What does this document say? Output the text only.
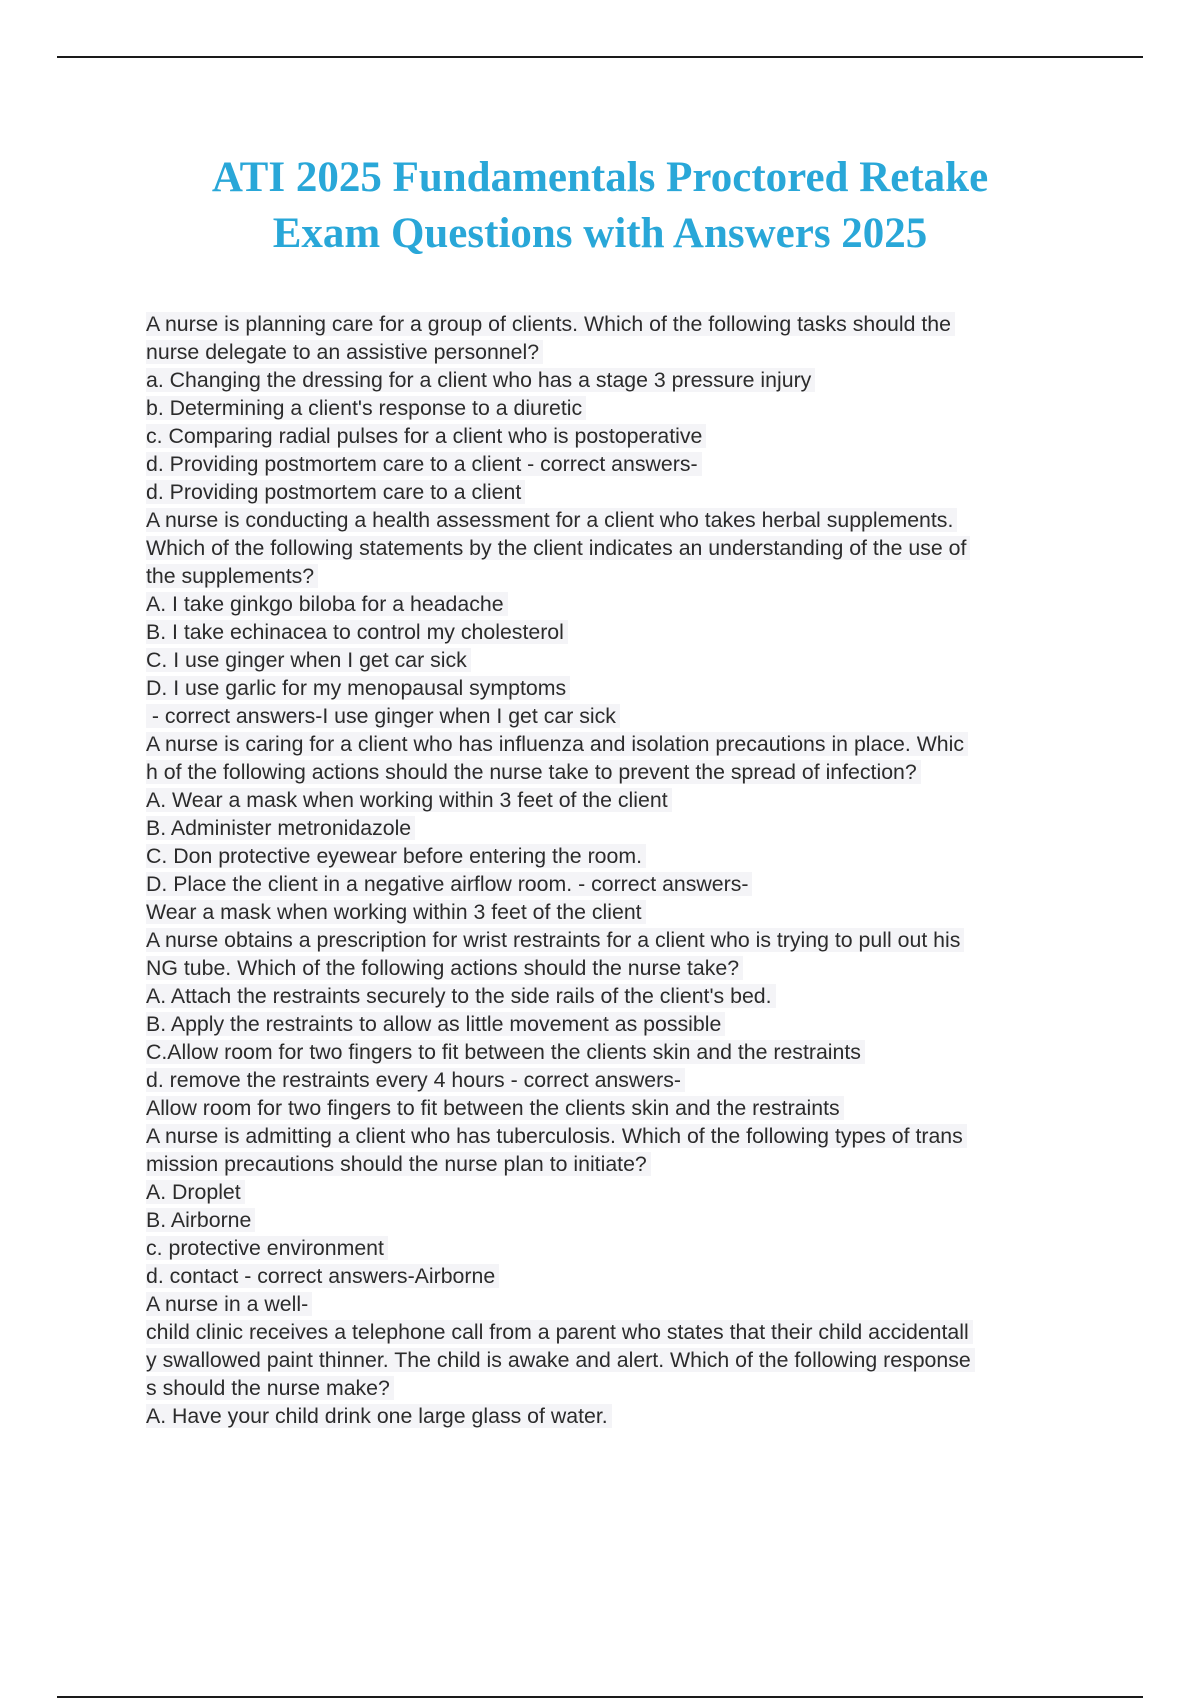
ATI 2025 Fundamentals Proctored Retake
Exam Questions with Answers 2025
A nurse is planning care for a group of clients. Which of the following tasks should the
nurse delegate to an assistive personnel?
a. Changing the dressing for a client who has a stage 3 pressure injury
b. Determining a client's response to a diuretic
c. Comparing radial pulses for a client who is postoperative
d. Providing postmortem care to a client - correct answers-
d. Providing postmortem care to a client
A nurse is conducting a health assessment for a client who takes herbal supplements.
Which of the following statements by the client indicates an understanding of the use of
the supplements?
A. I take ginkgo biloba for a headache
B. I take echinacea to control my cholesterol
C. I use ginger when I get car sick
D. I use garlic for my menopausal symptoms
- correct answers-I use ginger when I get car sick
A nurse is caring for a client who has influenza and isolation precautions in place. Whic
h of the following actions should the nurse take to prevent the spread of infection?
A. Wear a mask when working within 3 feet of the client
B. Administer metronidazole
C. Don protective eyewear before entering the room.
D. Place the client in a negative airflow room. - correct answers-
Wear a mask when working within 3 feet of the client
A nurse obtains a prescription for wrist restraints for a client who is trying to pull out his
NG tube. Which of the following actions should the nurse take?
A. Attach the restraints securely to the side rails of the client's bed.
B. Apply the restraints to allow as little movement as possible
C.Allow room for two fingers to fit between the clients skin and the restraints
d. remove the restraints every 4 hours - correct answers-
Allow room for two fingers to fit between the clients skin and the restraints
A nurse is admitting a client who has tuberculosis. Which of the following types of trans
mission precautions should the nurse plan to initiate?
A. Droplet
B. Airborne
c. protective environment
d. contact - correct answers-Airborne
A nurse in a well-
child clinic receives a telephone call from a parent who states that their child accidentall
y swallowed paint thinner. The child is awake and alert. Which of the following response
s should the nurse make?
A. Have your child drink one large glass of water.
